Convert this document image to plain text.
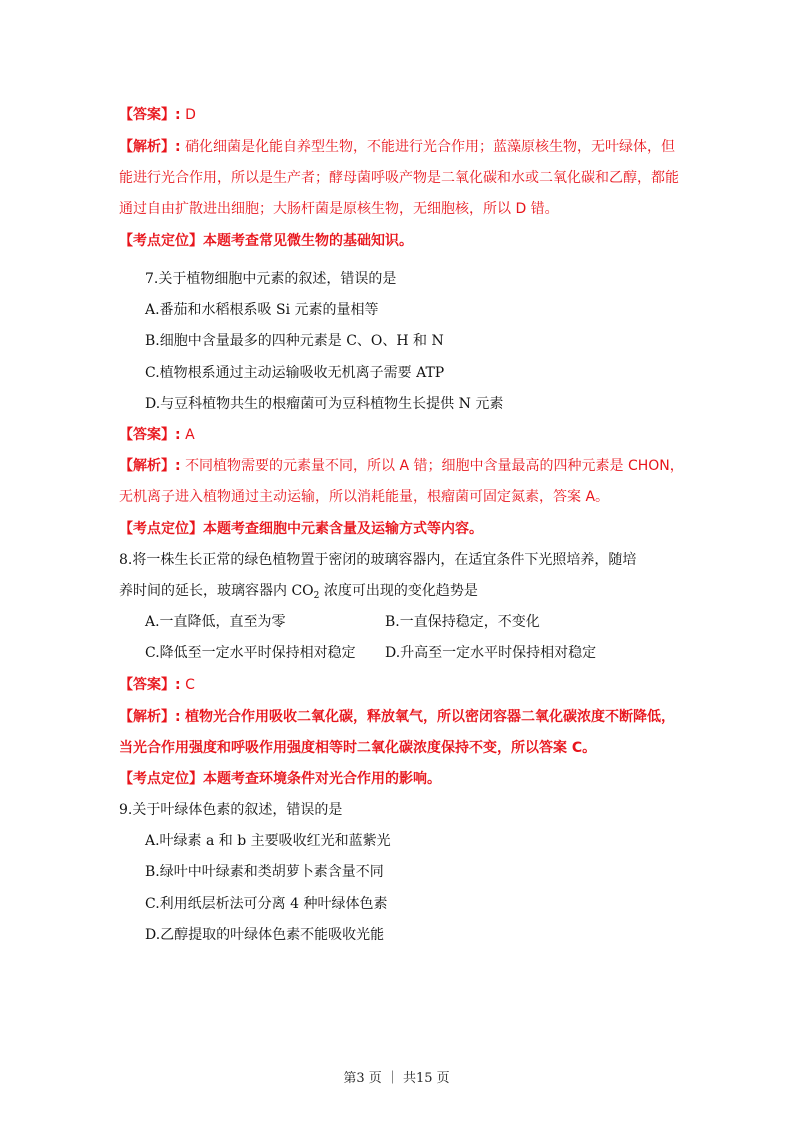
【答案】: D
【解析】: 硝化细菌是化能自养型生物，不能进行光合作用；蓝藻原核生物，无叶绿体，但
能进行光合作用，所以是生产者；酵母菌呼吸产物是二氧化碳和水或二氧化碳和乙醇，都能
通过自由扩散进出细胞；大肠杆菌是原核生物，无细胞核，所以 D 错。
【考点定位】本题考查常见微生物的基础知识。
7.关于植物细胞中元素的叙述，错误的是
A.番茄和水稻根系吸 Si 元素的量相等
B.细胞中含量最多的四种元素是 C、O、H 和 N
C.植物根系通过主动运输吸收无机离子需要 ATP
D.与豆科植物共生的根瘤菌可为豆科植物生长提供 N 元素
【答案】: A
【解析】: 不同植物需要的元素量不同，所以 A 错；细胞中含量最高的四种元素是 CHON，
无机离子进入植物通过主动运输，所以消耗能量，根瘤菌可固定氮素，答案 A。
【考点定位】本题考查细胞中元素含量及运输方式等内容。
8.将一株生长正常的绿色植物置于密闭的玻璃容器内，在适宜条件下光照培养，随培
养时间的延长，玻璃容器内 $CO_2$ 浓度可出现的变化趋势是
A.一直降低，直至为零	B.一直保持稳定，不变化
C.降低至一定水平时保持相对稳定 D.升高至一定水平时保持相对稳定
【答案】: C
【解析】: 植物光合作用吸收二氧化碳，释放氧气，所以密闭容器二氧化碳浓度不断降低，
当光合作用强度和呼吸作用强度相等时二氧化碳浓度保持不变，所以答案 C。
【考点定位】本题考查环境条件对光合作用的影响。
9.关于叶绿体色素的叙述，错误的是
A.叶绿素 a 和 b 主要吸收红光和蓝紫光
B.绿叶中叶绿素和类胡萝卜素含量不同
C.利用纸层析法可分离 4 种叶绿体色素
D.乙醇提取的叶绿体色素不能吸收光能
第3 页 ｜ 共15 页
